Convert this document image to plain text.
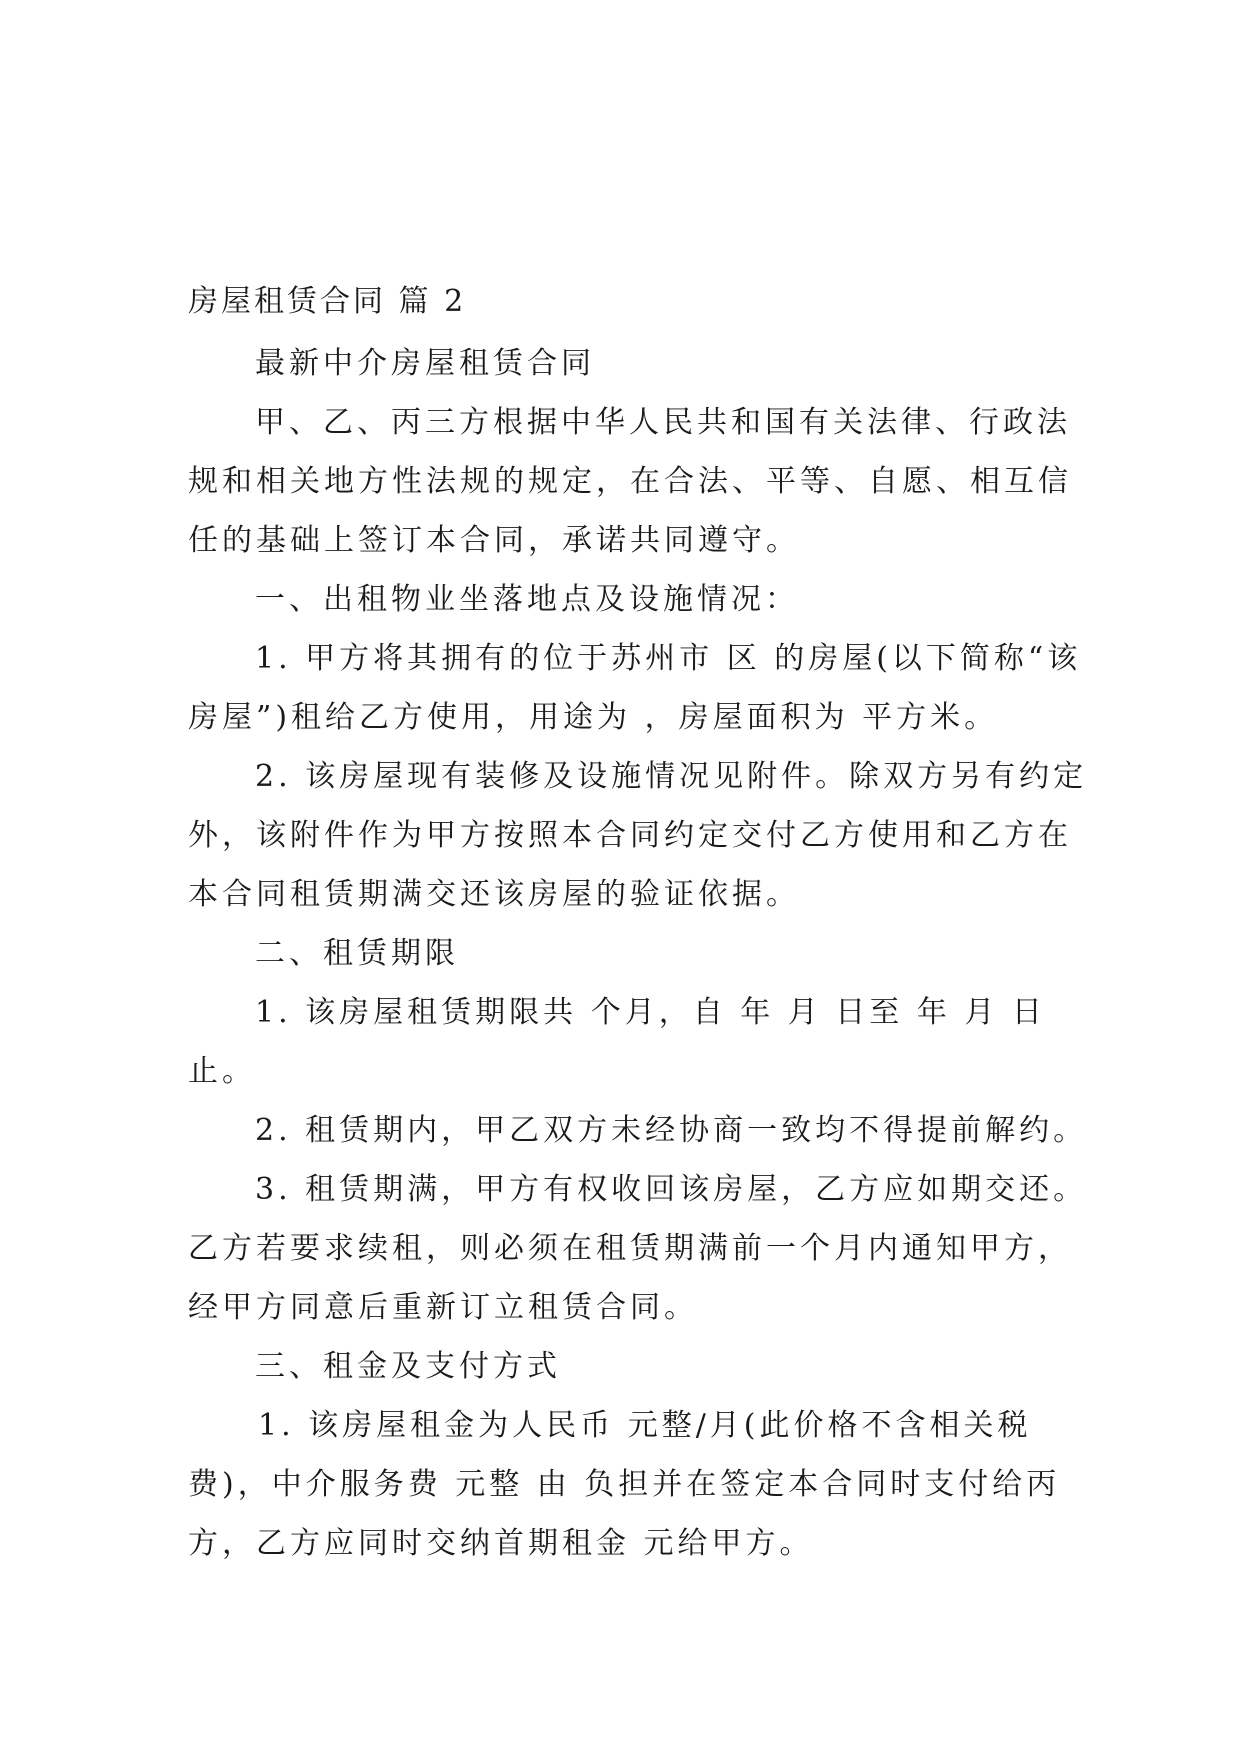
房屋租赁合同 篇 2
最新中介房屋租赁合同
甲、乙、丙三方根据中华人民共和国有关法律、行政法
规和相关地方性法规的规定，在合法、平等、自愿、相互信
任的基础上签订本合同，承诺共同遵守。
一、出租物业坐落地点及设施情况：
1. 甲方将其拥有的位于苏州市 区 的房屋(以下简称“该
房屋”)租给乙方使用，用途为 ，房屋面积为 平方米。
2. 该房屋现有装修及设施情况见附件。除双方另有约定
外，该附件作为甲方按照本合同约定交付乙方使用和乙方在
本合同租赁期满交还该房屋的验证依据。
二、租赁期限
1. 该房屋租赁期限共 个月，自 年 月 日至 年 月 日
止。
2. 租赁期内，甲乙双方未经协商一致均不得提前解约。
3. 租赁期满，甲方有权收回该房屋，乙方应如期交还。
乙方若要求续租，则必须在租赁期满前一个月内通知甲方，
经甲方同意后重新订立租赁合同。
三、租金及支付方式
1. 该房屋租金为人民币 元整/月(此价格不含相关税
费)，中介服务费 元整 由 负担并在签定本合同时支付给丙
方，乙方应同时交纳首期租金 元给甲方。
